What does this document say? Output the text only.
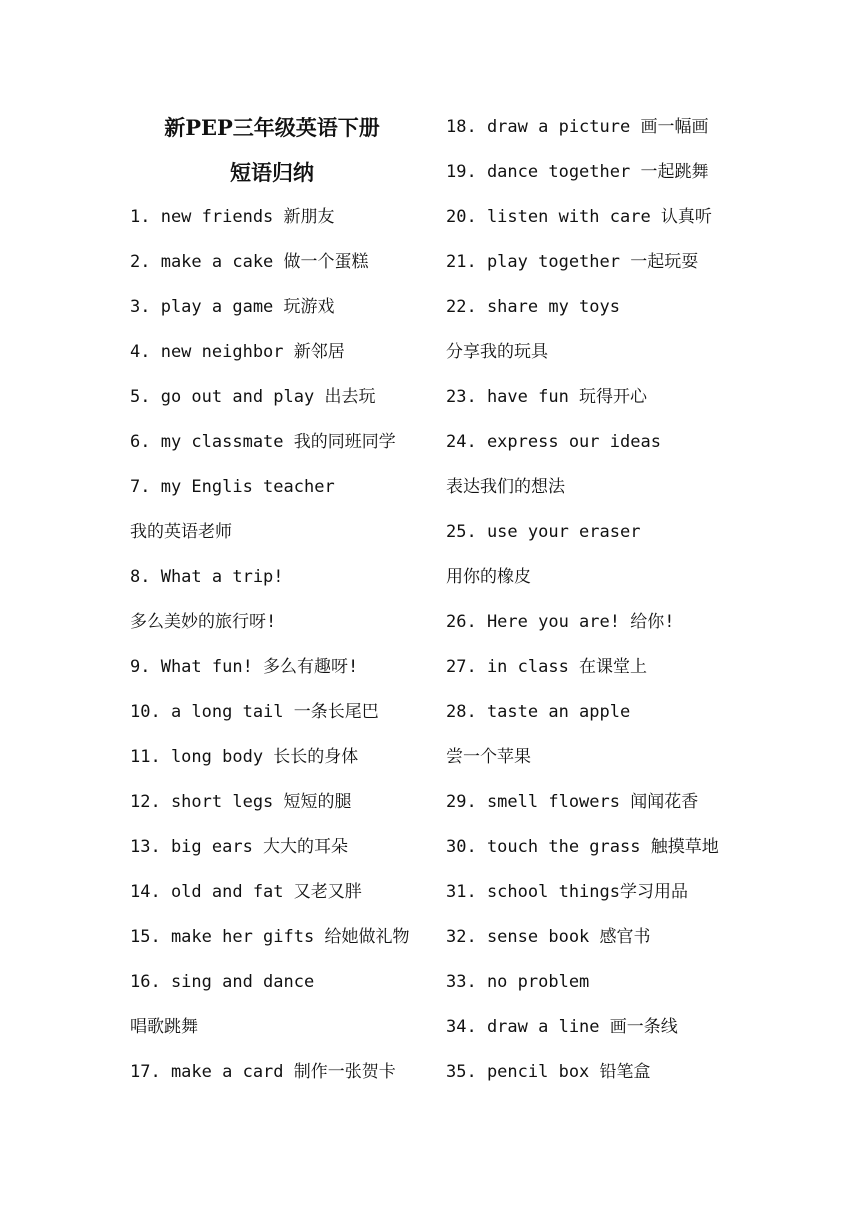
新PEP三年级英语下册
短语归纳
1. new friends 新朋友
2. make a cake 做一个蛋糕
3. play a game 玩游戏
4. new neighbor 新邻居
5. go out and play 出去玩
6. my classmate 我的同班同学
7. my Englis teacher
我的英语老师
8. What a trip!
多么美妙的旅行呀!
9. What fun! 多么有趣呀!
10. a long tail 一条长尾巴
11. long body 长长的身体
12. short legs 短短的腿
13. big ears 大大的耳朵
14. old and fat 又老又胖
15. make her gifts 给她做礼物
16. sing and dance
唱歌跳舞
17. make a card 制作一张贺卡
18. draw a picture 画一幅画
19. dance together 一起跳舞
20. listen with care 认真听
21. play together 一起玩耍
22. share my toys
分享我的玩具
23. have fun 玩得开心
24. express our ideas
表达我们的想法
25. use your eraser
用你的橡皮
26. Here you are! 给你!
27. in class 在课堂上
28. taste an apple
尝一个苹果
29. smell flowers 闻闻花香
30. touch the grass 触摸草地
31. school things学习用品
32. sense book 感官书
33. no problem
34. draw a line 画一条线
35. pencil box 铅笔盒
